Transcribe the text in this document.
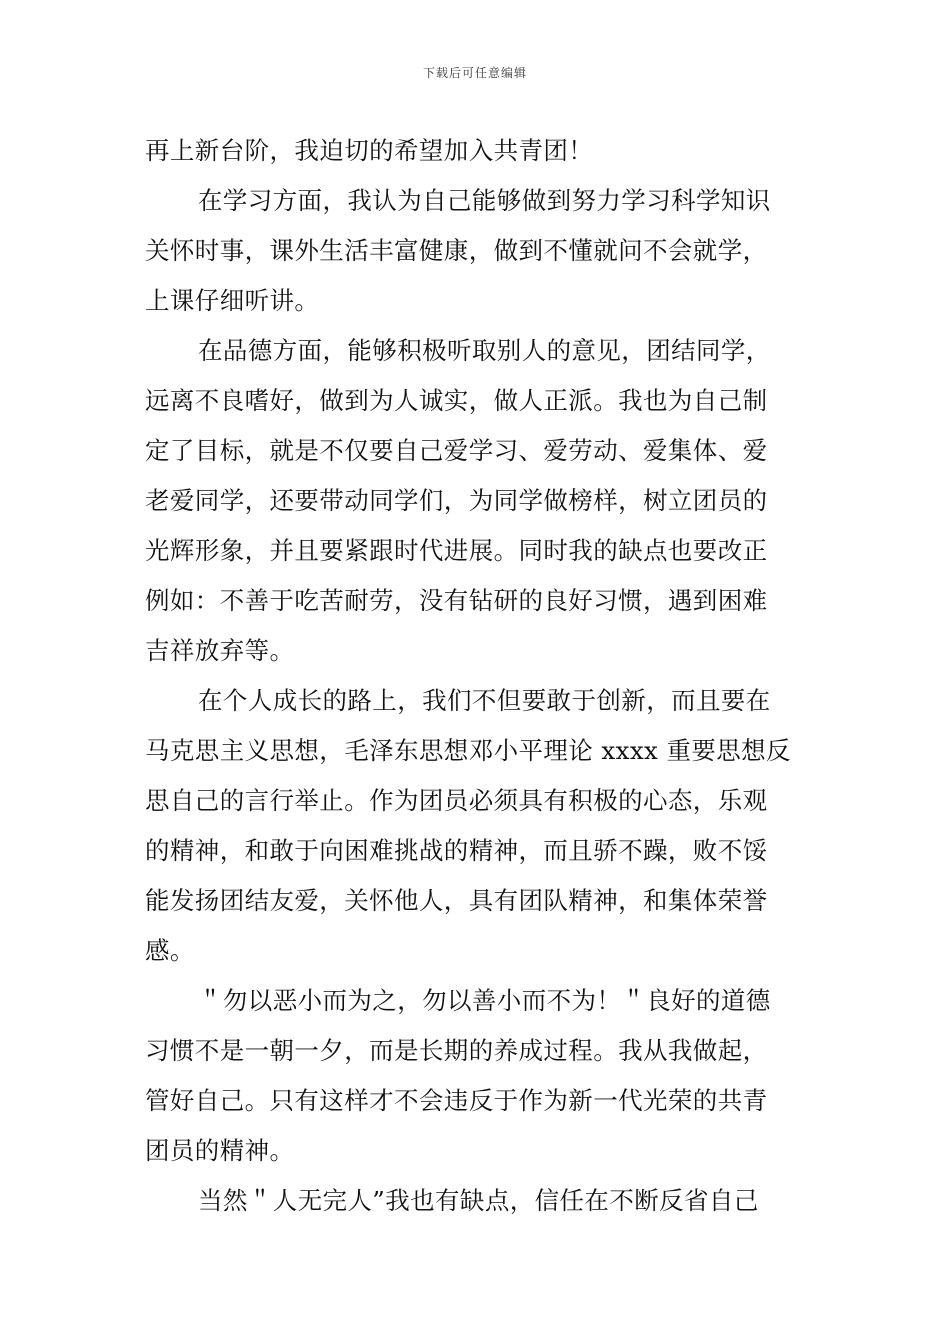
下载后可任意编辑
再上新台阶，我迫切的希望加入共青团！
在学习方面，我认为自己能够做到努力学习科学知识
关怀时事，课外生活丰富健康，做到不懂就问不会就学，
上课仔细听讲。
在品德方面，能够积极听取别人的意见，团结同学，
远离不良嗜好，做到为人诚实，做人正派。我也为自己制
定了目标，就是不仅要自己爱学习、爱劳动、爱集体、爱
老爱同学，还要带动同学们，为同学做榜样，树立团员的
光辉形象，并且要紧跟时代进展。同时我的缺点也要改正
例如：不善于吃苦耐劳，没有钻研的良好习惯，遇到困难
吉祥放弃等。
在个人成长的路上，我们不但要敢于创新，而且要在
马克思主义思想，毛泽东思想邓小平理论 xxxx 重要思想反
思自己的言行举止。作为团员必须具有积极的心态，乐观
的精神，和敢于向困难挑战的精神，而且骄不躁，败不馁
能发扬团结友爱，关怀他人，具有团队精神，和集体荣誉
感。
＂勿以恶小而为之，勿以善小而不为！＂良好的道德
习惯不是一朝一夕，而是长期的养成过程。我从我做起，
管好自己。只有这样才不会违反于作为新一代光荣的共青
团员的精神。
当然＂人无完人”我也有缺点，信任在不断反省自己
